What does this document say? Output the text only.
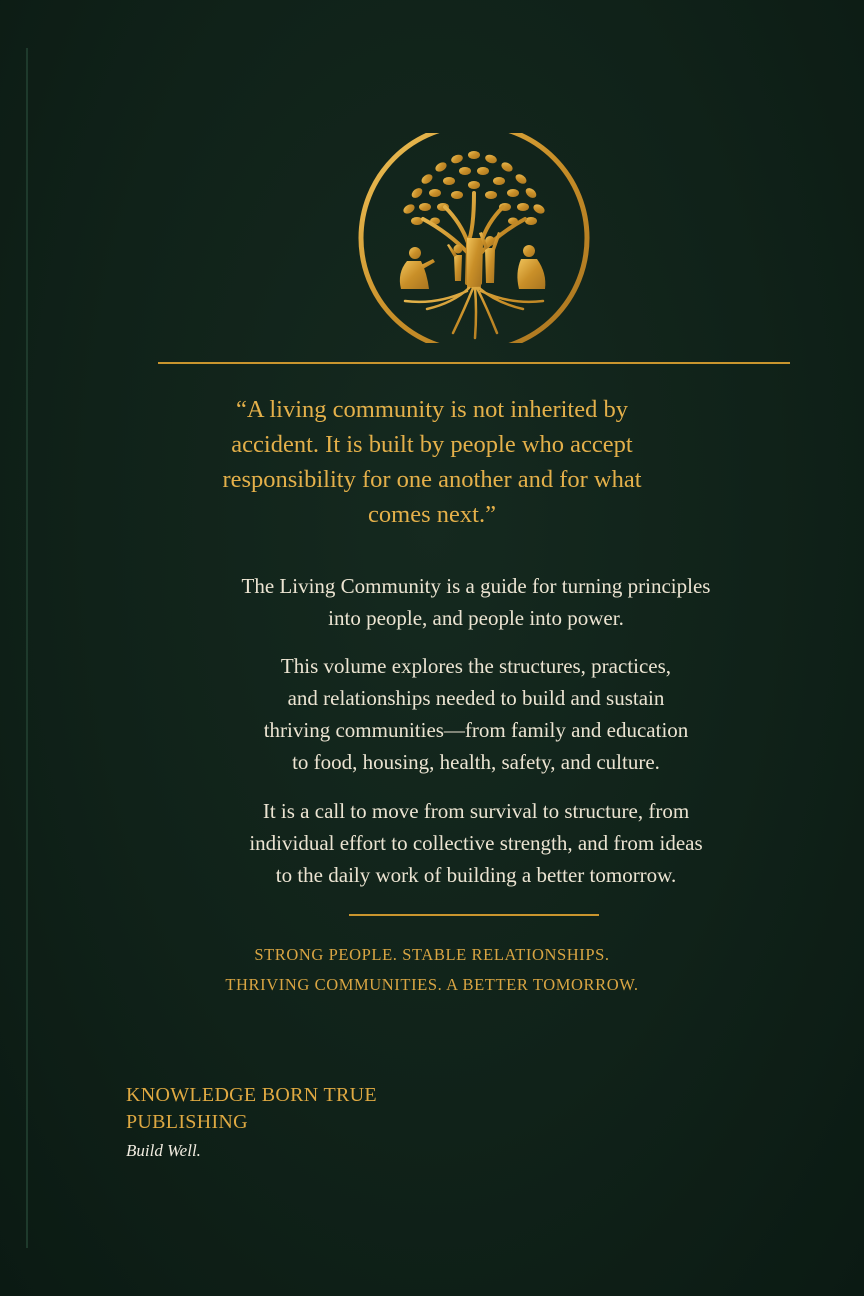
“A living community is not inherited by
accident. It is built by people who accept
responsibility for one another and for what
comes next.”

The Living Community is a guide for turning principles
into people, and people into power.

This volume explores the structures, practices,
and relationships needed to build and sustain
thriving communities—from family and education
to food, housing, health, safety, and culture.

It is a call to move from survival to structure, from
individual effort to collective strength, and from ideas
to the daily work of building a better tomorrow.

STRONG PEOPLE. STABLE RELATIONSHIPS.
THRIVING COMMUNITIES. A BETTER TOMORROW.

KNOWLEDGE BORN TRUE
PUBLISHING

Build Well.
